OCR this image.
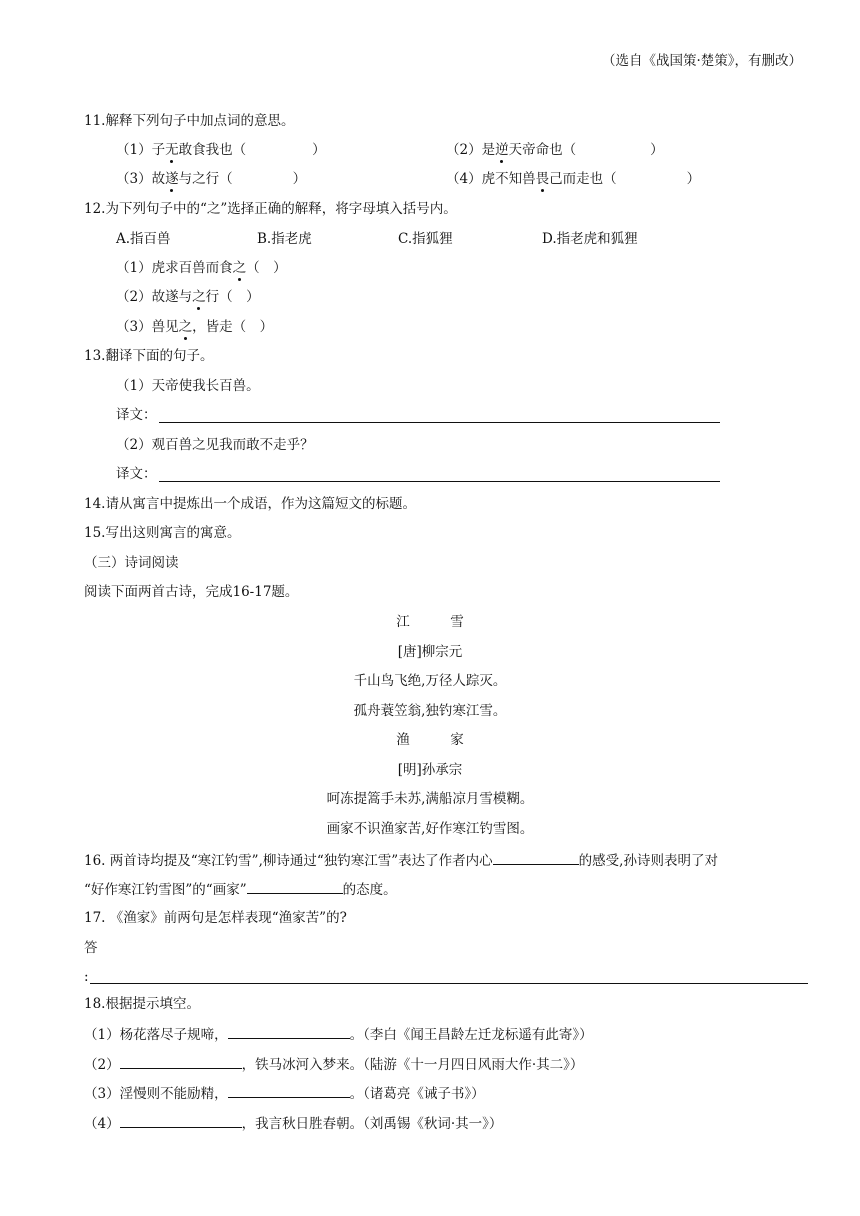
（选自《战国策·楚策》，有删改）
11.解释下列句子中加点词的意思。
（1）子无敢食我也（	）	（2）是逆天帝命也（	）
（3）故遂与之行（	）	（4）虎不知兽畏己而走也（	）
12.为下列句子中的“之”选择正确的解释，将字母填入括号内。
A.指百兽	B.指老虎	C.指狐狸	D.指老虎和狐狸
（1）虎求百兽而食之（　）
（2）故遂与之行（　）
（3）兽见之，皆走（　）
13.翻译下面的句子。
（1）天帝使我长百兽。
译文：
（2）观百兽之见我而敢不走乎？
译文：
14.请从寓言中提炼出一个成语，作为这篇短文的标题。
15.写出这则寓言的寓意。
（三）诗词阅读
阅读下面两首古诗，完成16-17题。
江　　　雪
[唐]柳宗元
千山鸟飞绝,万径人踪灭。
孤舟蓑笠翁,独钓寒江雪。
渔　　　家
[明]孙承宗
呵冻提篙手未苏,满船凉月雪模糊。
画家不识渔家苦,好作寒江钓雪图。
16. 两首诗均提及“寒江钓雪”,柳诗通过“独钓寒江雪”表达了作者内心	的感受,孙诗则表明了对
“好作寒江钓雪图”的“画家”	的态度。
17. 《渔家》前两句是怎样表现“渔家苦”的?
答
:
18.根据提示填空。
（1）杨花落尽子规啼，	。（李白《闻王昌龄左迁龙标遥有此寄》）
（2）	，铁马冰河入梦来。（陆游《十一月四日风雨大作·其二》）
（3）淫慢则不能励精，	。（诸葛亮《诫子书》）
（4）	，我言秋日胜春朝。（刘禹锡《秋词·其一》）
